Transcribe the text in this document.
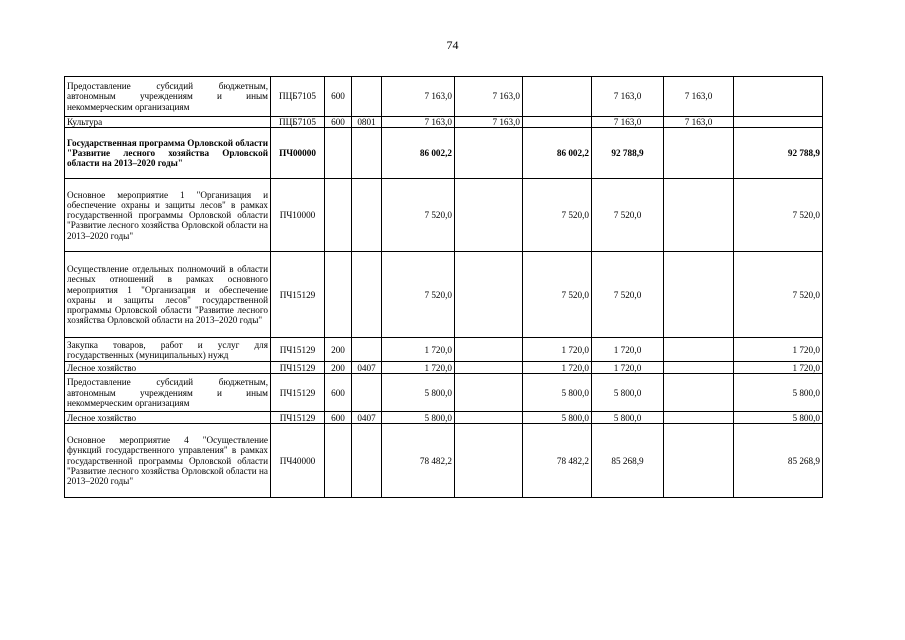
74
Предоставление субсидий бюджетным, автономным учреждениям и иным некоммерческим организациям	ПЦБ7105	600		7 163,0	7 163,0		7 163,0	7 163,0	
Культура	ПЦБ7105	600	0801	7 163,0	7 163,0		7 163,0	7 163,0	
Государственная программа Орловской области "Развитие лесного хозяйства Орловской области на 2013–2020 годы"	ПЧ00000			86 002,2		86 002,2	92 788,9		92 788,9
Основное мероприятие 1 "Организация и обеспечение охраны и защиты лесов" в рамках государственной программы Орловской области "Развитие лесного хозяйства Орловской области на 2013–2020 годы"	ПЧ10000			7 520,0		7 520,0	7 520,0		7 520,0
Осуществление отдельных полномочий в области лесных отношений в рамках основного мероприятия 1 "Организация и обеспечение охраны и защиты лесов" государственной программы Орловской области "Развитие лесного хозяйства Орловской области на 2013–2020 годы"	ПЧ15129			7 520,0		7 520,0	7 520,0		7 520,0
Закупка товаров, работ и услуг для государственных (муниципальных) нужд	ПЧ15129	200		1 720,0		1 720,0	1 720,0		1 720,0
Лесное хозяйство	ПЧ15129	200	0407	1 720,0		1 720,0	1 720,0		1 720,0
Предоставление субсидий бюджетным, автономным учреждениям и иным некоммерческим организациям	ПЧ15129	600		5 800,0		5 800,0	5 800,0		5 800,0
Лесное хозяйство	ПЧ15129	600	0407	5 800,0		5 800,0	5 800,0		5 800,0
Основное мероприятие 4 "Осуществление функций государственного управления" в рамках государственной программы Орловской области "Развитие лесного хозяйства Орловской области на 2013–2020 годы"	ПЧ40000			78 482,2		78 482,2	85 268,9		85 268,9
